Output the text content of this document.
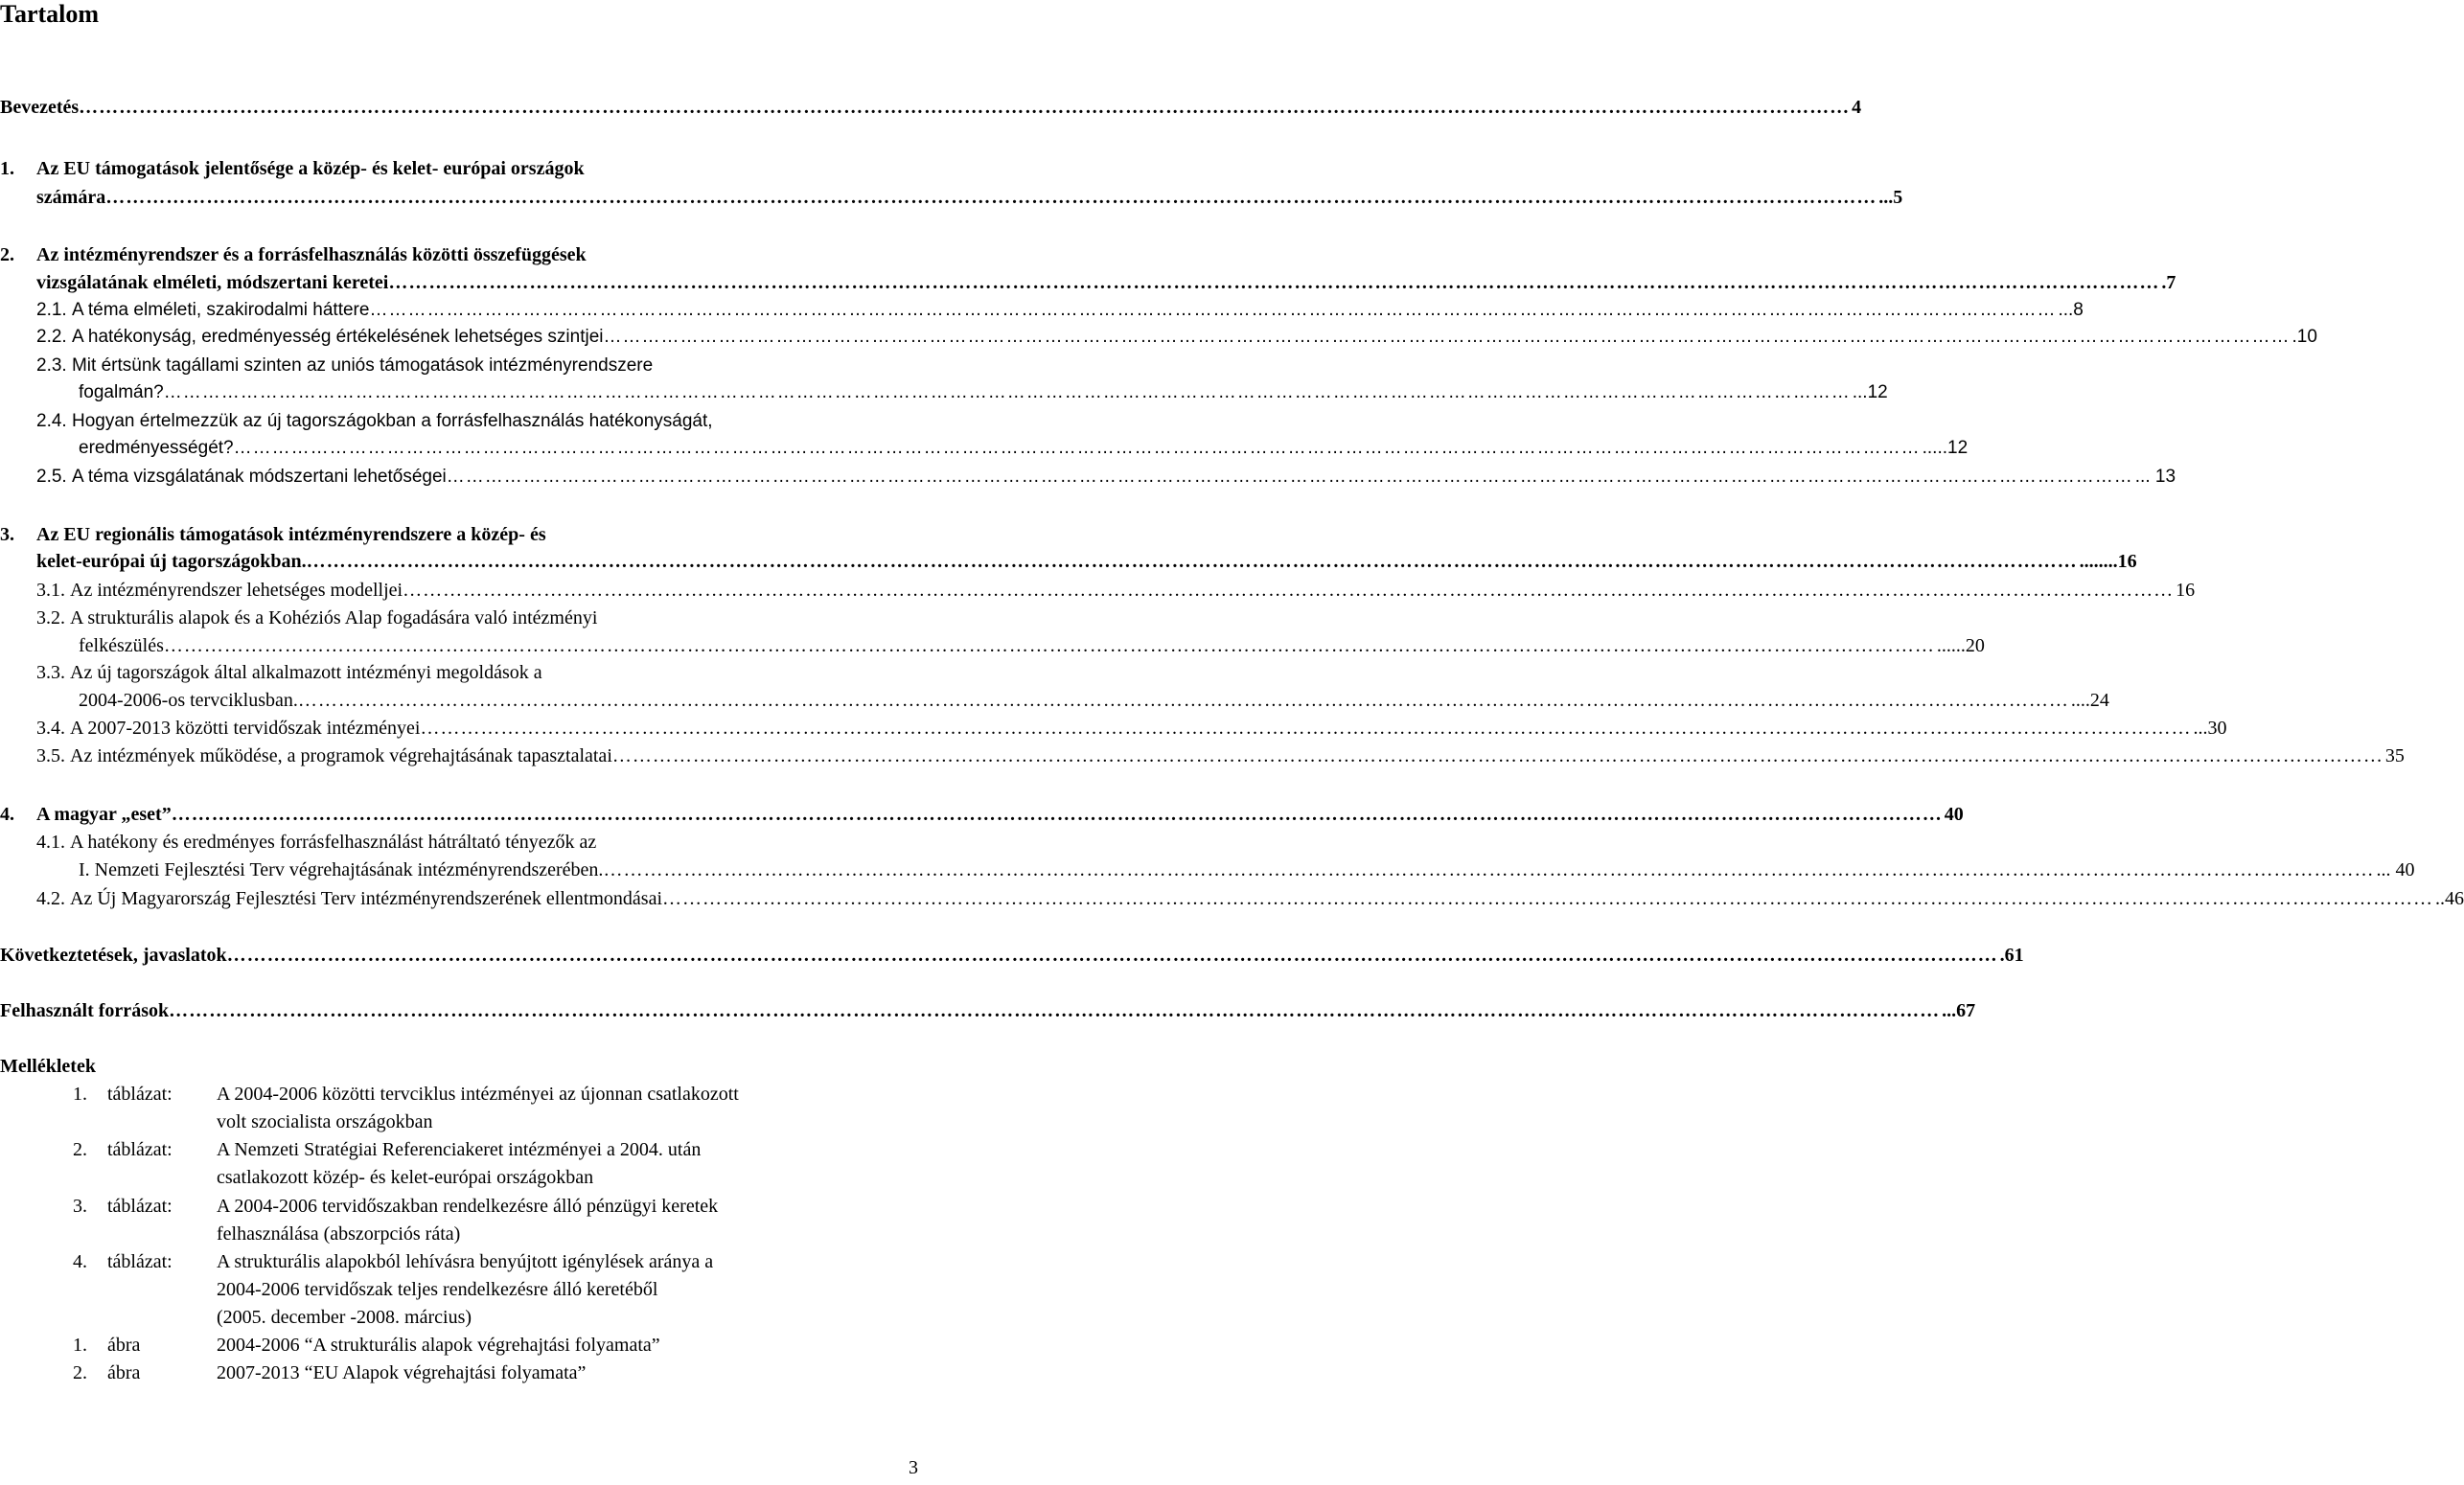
Tartalom
Bevezetés …………………………………………………………………………………………………………………………………………………………………………………………………………………………………………	4
1. Az EU támogatások jelentősége a közép- és kelet- európai országok
számára …………………………………………………………………………………………………………………………………………………………………………………………………………………………………………	...5
2. Az intézményrendszer és a forrásfelhasználás közötti összefüggések
vizsgálatának elméleti, módszertani keretei …………………………………………………………………………………………………………………………………………………………………………………………………………………………………………	.7
2.1.
A téma elméleti, szakirodalmi háttere …………………………………………………………………………………………………………………………………………………………………………………………………………………………………………	...8
2.2.
A hatékonyság, eredményesség értékelésének lehetséges szintjei …………………………………………………………………………………………………………………………………………………………………………………………………………………………………………	.10
2.3. Mit értsünk tagállami szinten az uniós támogatások intézményrendszere
fogalmán? …………………………………………………………………………………………………………………………………………………………………………………………………………………………………………	...12
2.4. Hogyan értelmezzük az új tagországokban a forrásfelhasználás hatékonyságát,
eredményességét? …………………………………………………………………………………………………………………………………………………………………………………………………………………………………………	.....12
2.5.
A téma vizsgálatának módszertani lehetőségei …………………………………………………………………………………………………………………………………………………………………………………………………………………………………………	... 13
3. Az EU regionális támogatások intézményrendszere a közép- és
kelet-európai új tagországokban. …………………………………………………………………………………………………………………………………………………………………………………………………………………………………………	........16
3.1.
Az intézményrendszer lehetséges modelljei …………………………………………………………………………………………………………………………………………………………………………………………………………………………………………	16
3.2. A strukturális alapok és a Kohéziós Alap fogadására való intézményi
felkészülés …………………………………………………………………………………………………………………………………………………………………………………………………………………………………………	......20
3.3. Az új tagországok által alkalmazott intézményi megoldások a
2004-2006-os tervciklusban. …………………………………………………………………………………………………………………………………………………………………………………………………………………………………………	....24
3.4.
A 2007-2013 közötti tervidőszak intézményei …………………………………………………………………………………………………………………………………………………………………………………………………………………………………………	...30
3.5.
Az intézmények működése, a programok végrehajtásának tapasztalatai …………………………………………………………………………………………………………………………………………………………………………………………………………………………………………	35
4. A magyar „eset” …………………………………………………………………………………………………………………………………………………………………………………………………………………………………………	40
4.1. A hatékony és eredményes forrásfelhasználást hátráltató tényezők az
I. Nemzeti Fejlesztési Terv végrehajtásának intézményrendszerében. …………………………………………………………………………………………………………………………………………………………………………………………………………………………………………	... 40
4.2.
Az Új Magyarország Fejlesztési Terv intézményrendszerének ellentmondásai …………………………………………………………………………………………………………………………………………………………………………………………………………………………………………	..46
Következtetések, javaslatok …………………………………………………………………………………………………………………………………………………………………………………………………………………………………………	.61
Felhasznált források …………………………………………………………………………………………………………………………………………………………………………………………………………………………………………	...67
Mellékletek
1. táblázat: A 2004-2006 közötti tervciklus intézményei az újonnan csatlakozott
volt szocialista országokban
2. táblázat: A Nemzeti Stratégiai Referenciakeret intézményei a 2004. után
csatlakozott közép- és kelet-európai országokban
3. táblázat: A 2004-2006 tervidőszakban rendelkezésre álló pénzügyi keretek
felhasználása (abszorpciós ráta)
4. táblázat: A strukturális alapokból lehívásra benyújtott igénylések aránya a
2004-2006 tervidőszak teljes rendelkezésre álló keretéből
(2005. december -2008. március)
1. ábra	2004-2006 “A strukturális alapok végrehajtási folyamata”
2. ábra	2007-2013 “EU Alapok végrehajtási folyamata”
3
